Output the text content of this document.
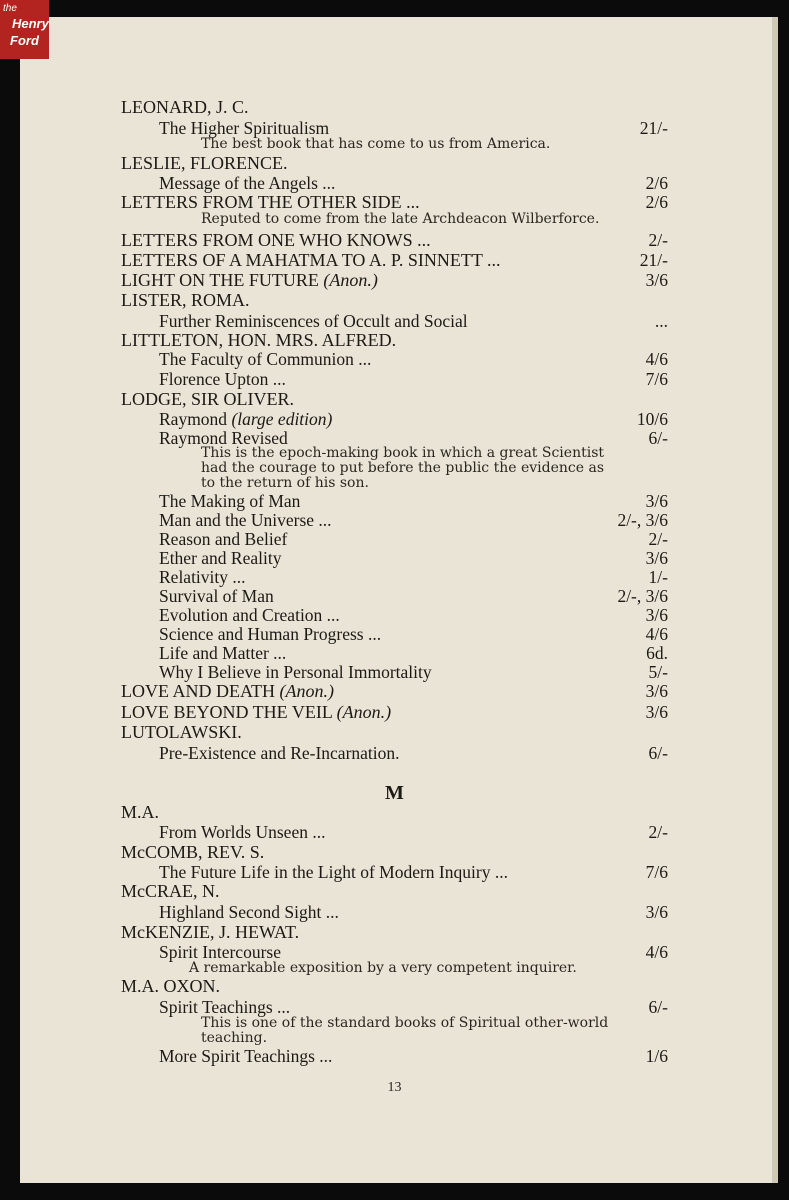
the
Henry
Ford
LEONARD, J. C.
The Higher Spiritualism	21/-
The best book that has come to us from America.
LESLIE, FLORENCE.
Message of the Angels ...	2/6
LETTERS FROM THE OTHER SIDE ...	2/6
Reputed to come from the late Archdeacon Wilberforce.
LETTERS FROM ONE WHO KNOWS ...	2/-
LETTERS OF A MAHATMA TO A. P. SINNETT ...	21/-
LIGHT ON THE FUTURE (Anon.)	3/6
LISTER, ROMA.
Further Reminiscences of Occult and Social	...
LITTLETON, HON. MRS. ALFRED.
The Faculty of Communion ...	4/6
Florence Upton ...	7/6
LODGE, SIR OLIVER.
Raymond (large edition)	10/6
Raymond Revised	6/-
This is the epoch-making book in which a great Scientist had the courage to put before the public the evidence as to the return of his son.
The Making of Man	3/6
Man and the Universe ...	2/-, 3/6
Reason and Belief	2/-
Ether and Reality	3/6
Relativity ...	1/-
Survival of Man	2/-, 3/6
Evolution and Creation ...	3/6
Science and Human Progress ...	4/6
Life and Matter ...	6d.
Why I Believe in Personal Immortality	5/-
LOVE AND DEATH (Anon.)	3/6
LOVE BEYOND THE VEIL (Anon.)	3/6
LUTOLAWSKI.
Pre-Existence and Re-Incarnation.	6/-
M.A.
From Worlds Unseen ...	2/-
McCOMB, REV. S.
The Future Life in the Light of Modern Inquiry ...	7/6
McCRAE, N.
Highland Second Sight ...	3/6
McKENZIE, J. HEWAT.
Spirit Intercourse	4/6
A remarkable exposition by a very competent inquirer.
M.A. OXON.
Spirit Teachings ...	6/-
This is one of the standard books of Spiritual other-world teaching.
More Spirit Teachings ...	1/6
M
13
